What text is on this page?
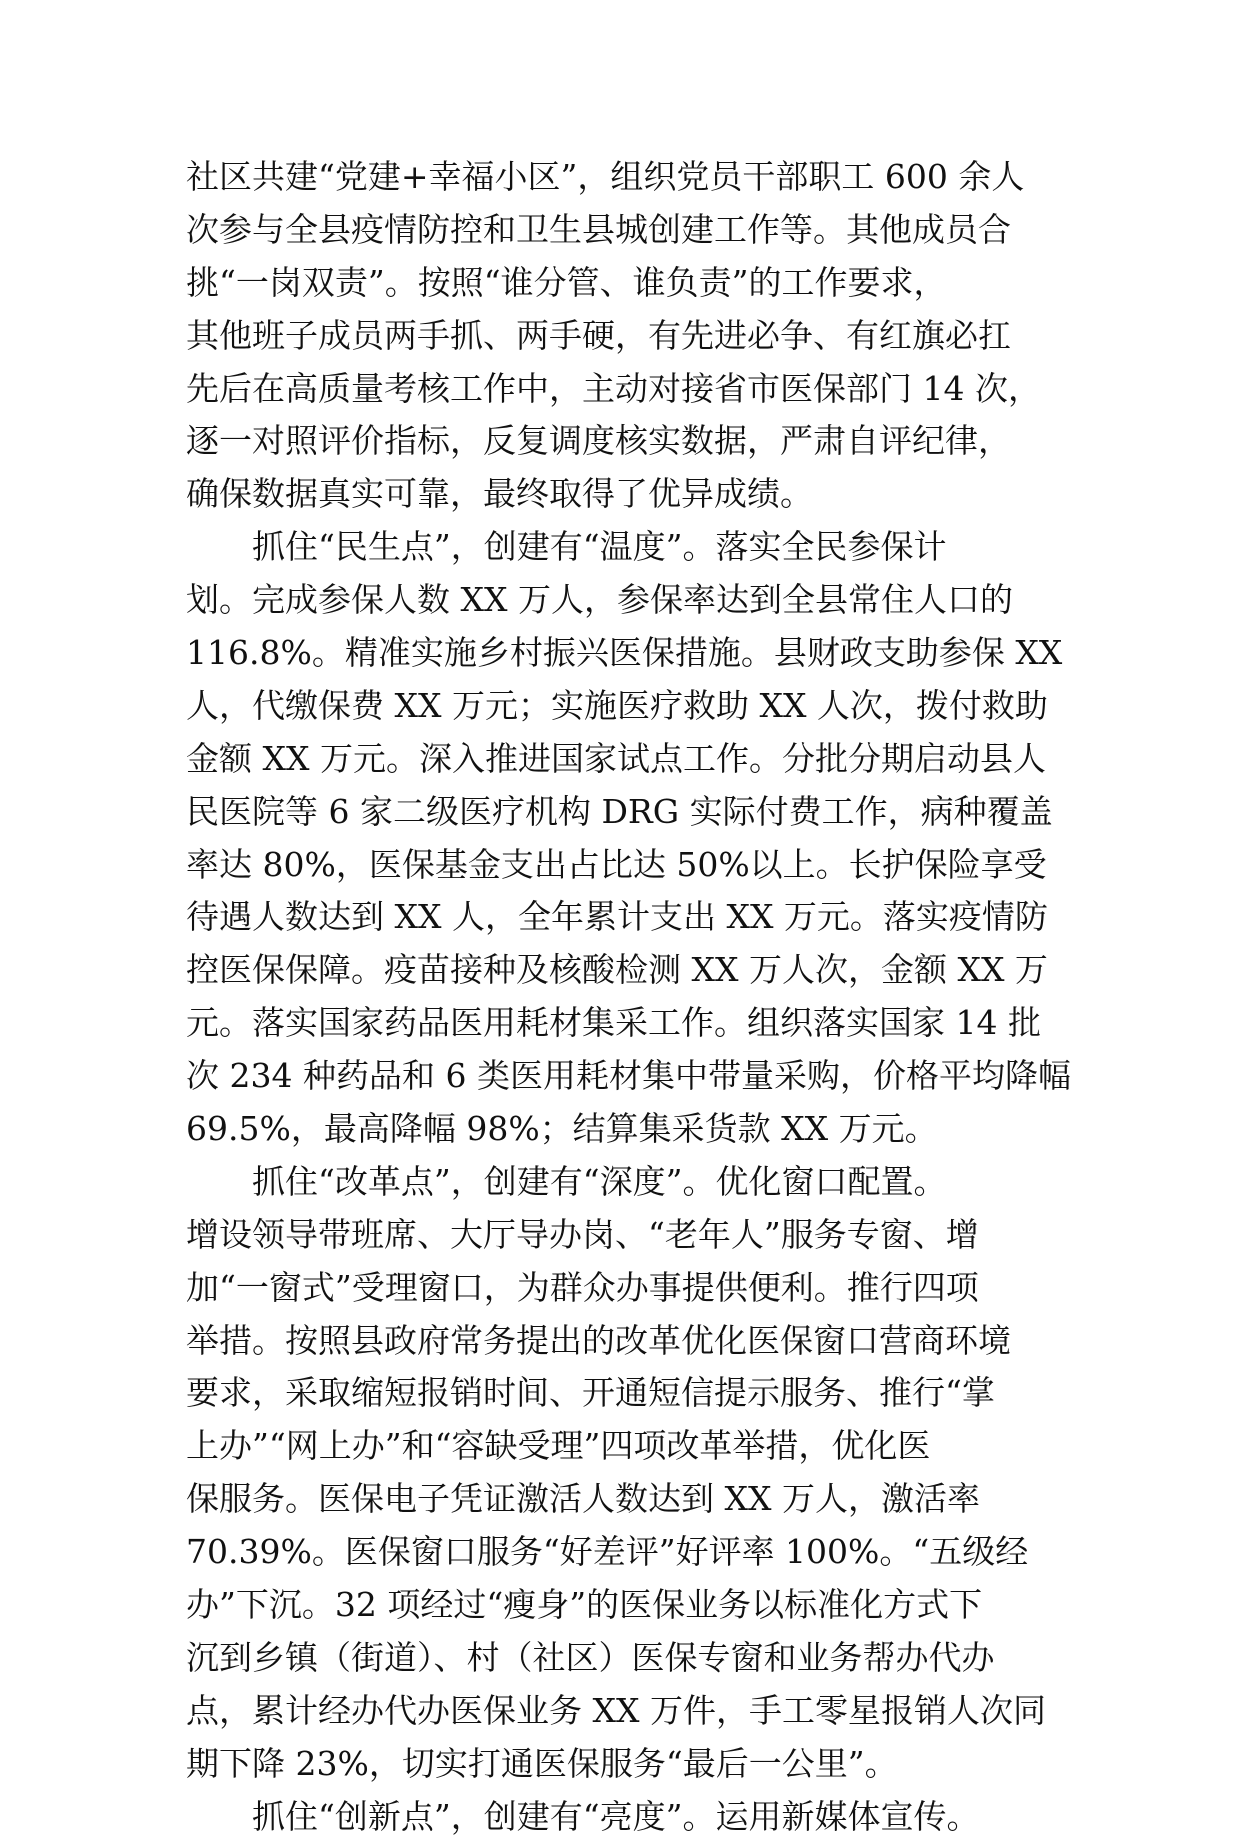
社区共建“党建+幸福小区”，组织党员干部职工 600 余人
次参与全县疫情防控和卫生县城创建工作等。其他成员合
挑“一岗双责”。按照“谁分管、谁负责”的工作要求，
其他班子成员两手抓、两手硬，有先进必争、有红旗必扛
先后在高质量考核工作中，主动对接省市医保部门 14 次，
逐一对照评价指标，反复调度核实数据，严肃自评纪律，
确保数据真实可靠，最终取得了优异成绩。
抓住“民生点”，创建有“温度”。落实全民参保计
划。完成参保人数 XX 万人，参保率达到全县常住人口的
116.8%。精准实施乡村振兴医保措施。县财政支助参保 XX
人，代缴保费 XX 万元；实施医疗救助 XX 人次，拨付救助
金额 XX 万元。深入推进国家试点工作。分批分期启动县人
民医院等 6 家二级医疗机构 DRG 实际付费工作，病种覆盖
率达 80%，医保基金支出占比达 50%以上。长护保险享受
待遇人数达到 XX 人，全年累计支出 XX 万元。落实疫情防
控医保保障。疫苗接种及核酸检测 XX 万人次，金额 XX 万
元。落实国家药品医用耗材集采工作。组织落实国家 14 批
次 234 种药品和 6 类医用耗材集中带量采购，价格平均降幅
69.5%，最高降幅 98%；结算集采货款 XX 万元。
抓住“改革点”，创建有“深度”。优化窗口配置。
增设领导带班席、大厅导办岗、“老年人”服务专窗、增
加“一窗式”受理窗口，为群众办事提供便利。推行四项
举措。按照县政府常务提出的改革优化医保窗口营商环境
要求，采取缩短报销时间、开通短信提示服务、推行“掌
上办”“网上办”和“容缺受理”四项改革举措，优化医
保服务。医保电子凭证激活人数达到 XX 万人，激活率
70.39%。医保窗口服务“好差评”好评率 100%。“五级经
办”下沉。32 项经过“瘦身”的医保业务以标准化方式下
沉到乡镇（街道）、村（社区）医保专窗和业务帮办代办
点，累计经办代办医保业务 XX 万件，手工零星报销人次同
期下降 23%，切实打通医保服务“最后一公里”。
抓住“创新点”，创建有“亮度”。运用新媒体宣传。
